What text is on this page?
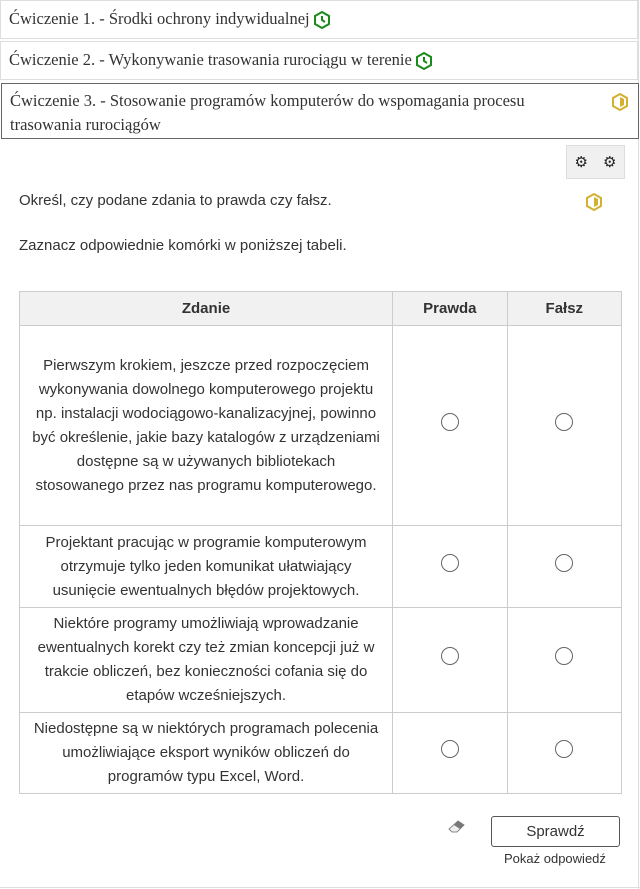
Ćwiczenie 1. - Środki ochrony indywidualnej
Ćwiczenie 2. - Wykonywanie trasowania rurociągu w terenie
Ćwiczenie 3. - Stosowanie programów komputerów do wspomagania procesu trasowania rurociągów
⚙ ⚙
Określ, czy podane zdania to prawda czy fałsz.
Zaznacz odpowiednie komórki w poniższej tabeli.
Zdanie	Prawda	Fałsz
Pierwszym krokiem, jeszcze przed rozpoczęciem wykonywania dowolnego komputerowego projektu np. instalacji wodociągowo-kanalizacyjnej, powinno być określenie, jakie bazy katalogów z urządzeniami dostępne są w używanych bibliotekach stosowanego przez nas programu komputerowego.		
Projektant pracując w programie komputerowym otrzymuje tylko jeden komunikat ułatwiający usunięcie ewentualnych błędów projektowych.		
Niektóre programy umożliwiają wprowadzanie ewentualnych korekt czy też zmian koncepcji już w trakcie obliczeń, bez konieczności cofania się do etapów wcześniejszych.		
Niedostępne są w niektórych programach polecenia umożliwiające eksport wyników obliczeń do programów typu Excel, Word.		
Sprawdź
Pokaż odpowiedź
